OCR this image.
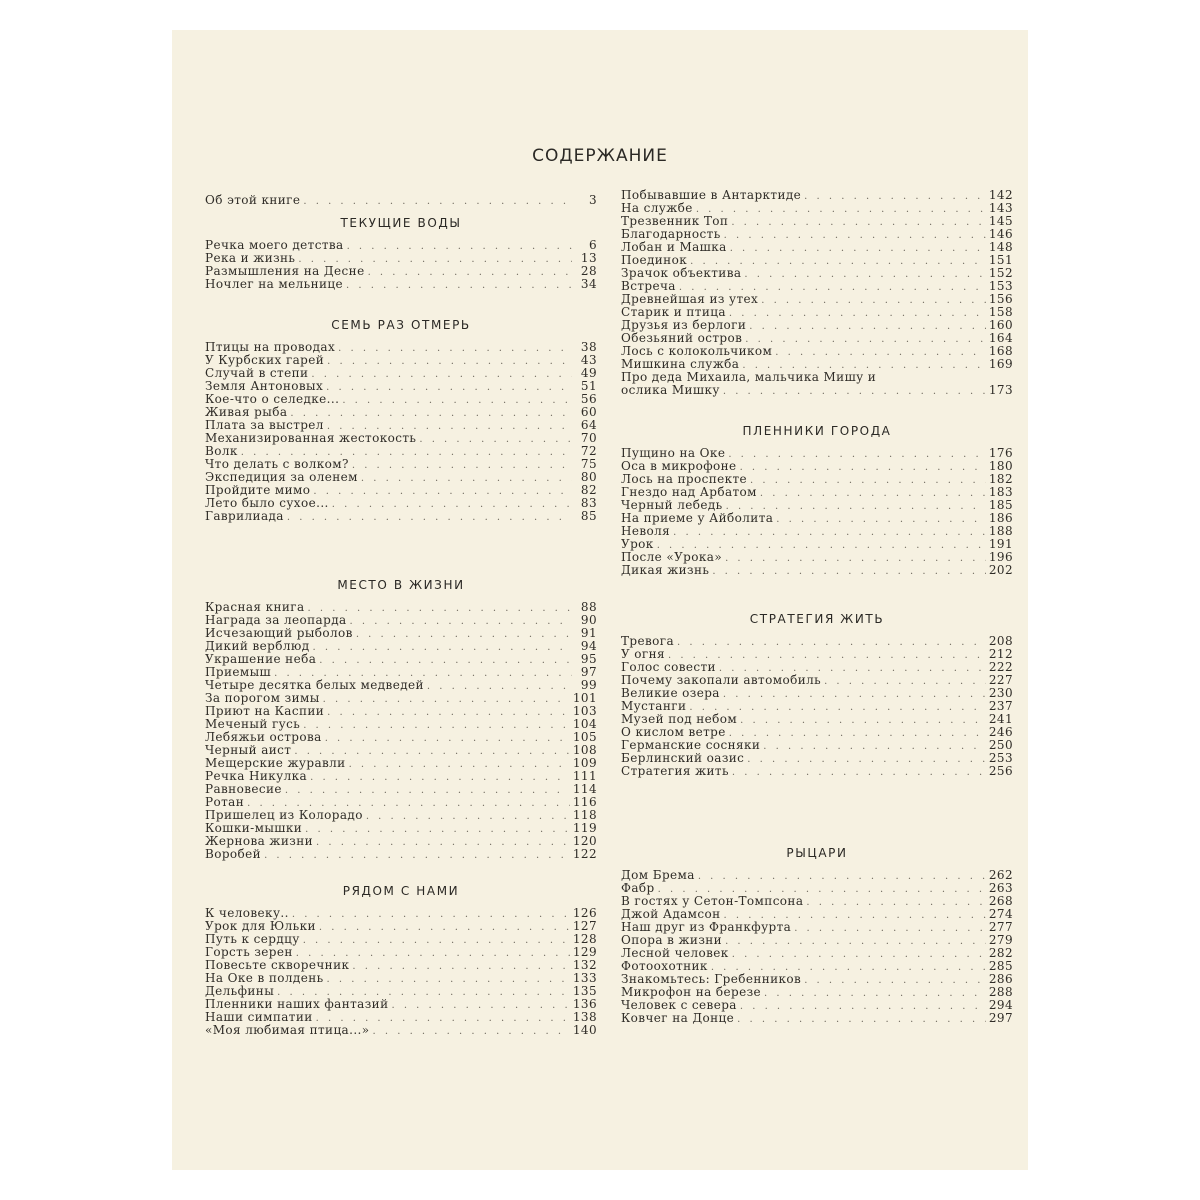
СОДЕРЖАНИЕ
Об этой книге . . .	3
ТЕКУЩИЕ ВОДЫ
Речка моего детства . . .	6
Река и жизнь . . .	13
Размышления на Десне . . .	28
Ночлег на мельнице . . .	34
СЕМЬ РАЗ ОТМЕРЬ
Птицы на проводах . . .	38
У Курбских гарей . . .	43
Случай в степи . . .	49
Земля Антоновых . . .	51
Кое-что о селедке... . . .	56
Живая рыба . . .	60
Плата за выстрел . . .	64
Механизированная жестокость . . .	70
Волк . . .	72
Что делать с волком? . . .	75
Экспедиция за оленем . . .	80
Пройдите мимо . . .	82
Лето было сухое... . . .	83
Гаврилиада . . .	85
МЕСТО В ЖИЗНИ
Красная книга . . .	88
Награда за леопарда . . .	90
Исчезающий рыболов . . .	91
Дикий верблюд . . .	94
Украшение неба . . .	95
Приемыш . . .	97
Четыре десятка белых медведей . . .	99
За порогом зимы . . .	101
Приют на Каспии . . .	103
Меченый гусь . . .	104
Лебяжьи острова . . .	105
Черный аист . . .	108
Мещерские журавли . . .	109
Речка Никулка . . .	111
Равновесие . . .	114
Ротан . . .	116
Пришелец из Колорадо . . .	118
Кошки-мышки . . .	119
Жернова жизни . . .	120
Воробей . . .	122
РЯДОМ С НАМИ
К человеку.. . . .	126
Урок для Юльки . . .	127
Путь к сердцу . . .	128
Горсть зерен . . .	129
Повесьте скворечник . . .	132
На Оке в полдень . . .	133
Дельфины . . .	135
Пленники наших фантазий . . .	136
Наши симпатии . . .	138
«Моя любимая птица...» . . .	140
Побывавшие в Антарктиде . . .	142
На службе . . .	143
Трезвенник Топ . . .	145
Благодарность . . .	146
Лобан и Машка . . .	148
Поединок . . .	151
Зрачок объектива . . .	152
Встреча . . .	153
Древнейшая из утех . . .	156
Старик и птица . . .	158
Друзья из берлоги . . .	160
Обезьяний остров . . .	164
Лось с колокольчиком . . .	168
Мишкина служба . . .	169
Про деда Михаила, мальчика Мишу и
ослика Мишку . . .	173
ПЛЕННИКИ ГОРОДА
Пущино на Оке . . .	176
Оса в микрофоне . . .	180
Лось на проспекте . . .	182
Гнездо над Арбатом . . .	183
Черный лебедь . . .	185
На приеме у Айболита . . .	186
Неволя . . .	188
Урок . . .	191
После «Урока» . . .	196
Дикая жизнь . . .	202
СТРАТЕГИЯ ЖИТЬ
Тревога . . .	208
У огня . . .	212
Голос совести . . .	222
Почему закопали автомобиль . . .	227
Великие озера . . .	230
Мустанги . . .	237
Музей под небом . . .	241
О кислом ветре . . .	246
Германские сосняки . . .	250
Берлинский оазис . . .	253
Стратегия жить . . .	256
РЫЦАРИ
Дом Брема . . .	262
Фабр . . .	263
В гостях у Сетон-Томпсона . . .	268
Джой Адамсон . . .	274
Наш друг из Франкфурта . . .	277
Опора в жизни . . .	279
Лесной человек . . .	282
Фотоохотник . . .	285
Знакомьтесь: Гребенников . . .	286
Микрофон на березе . . .	288
Человек с севера . . .	294
Ковчег на Донце . . .	297
